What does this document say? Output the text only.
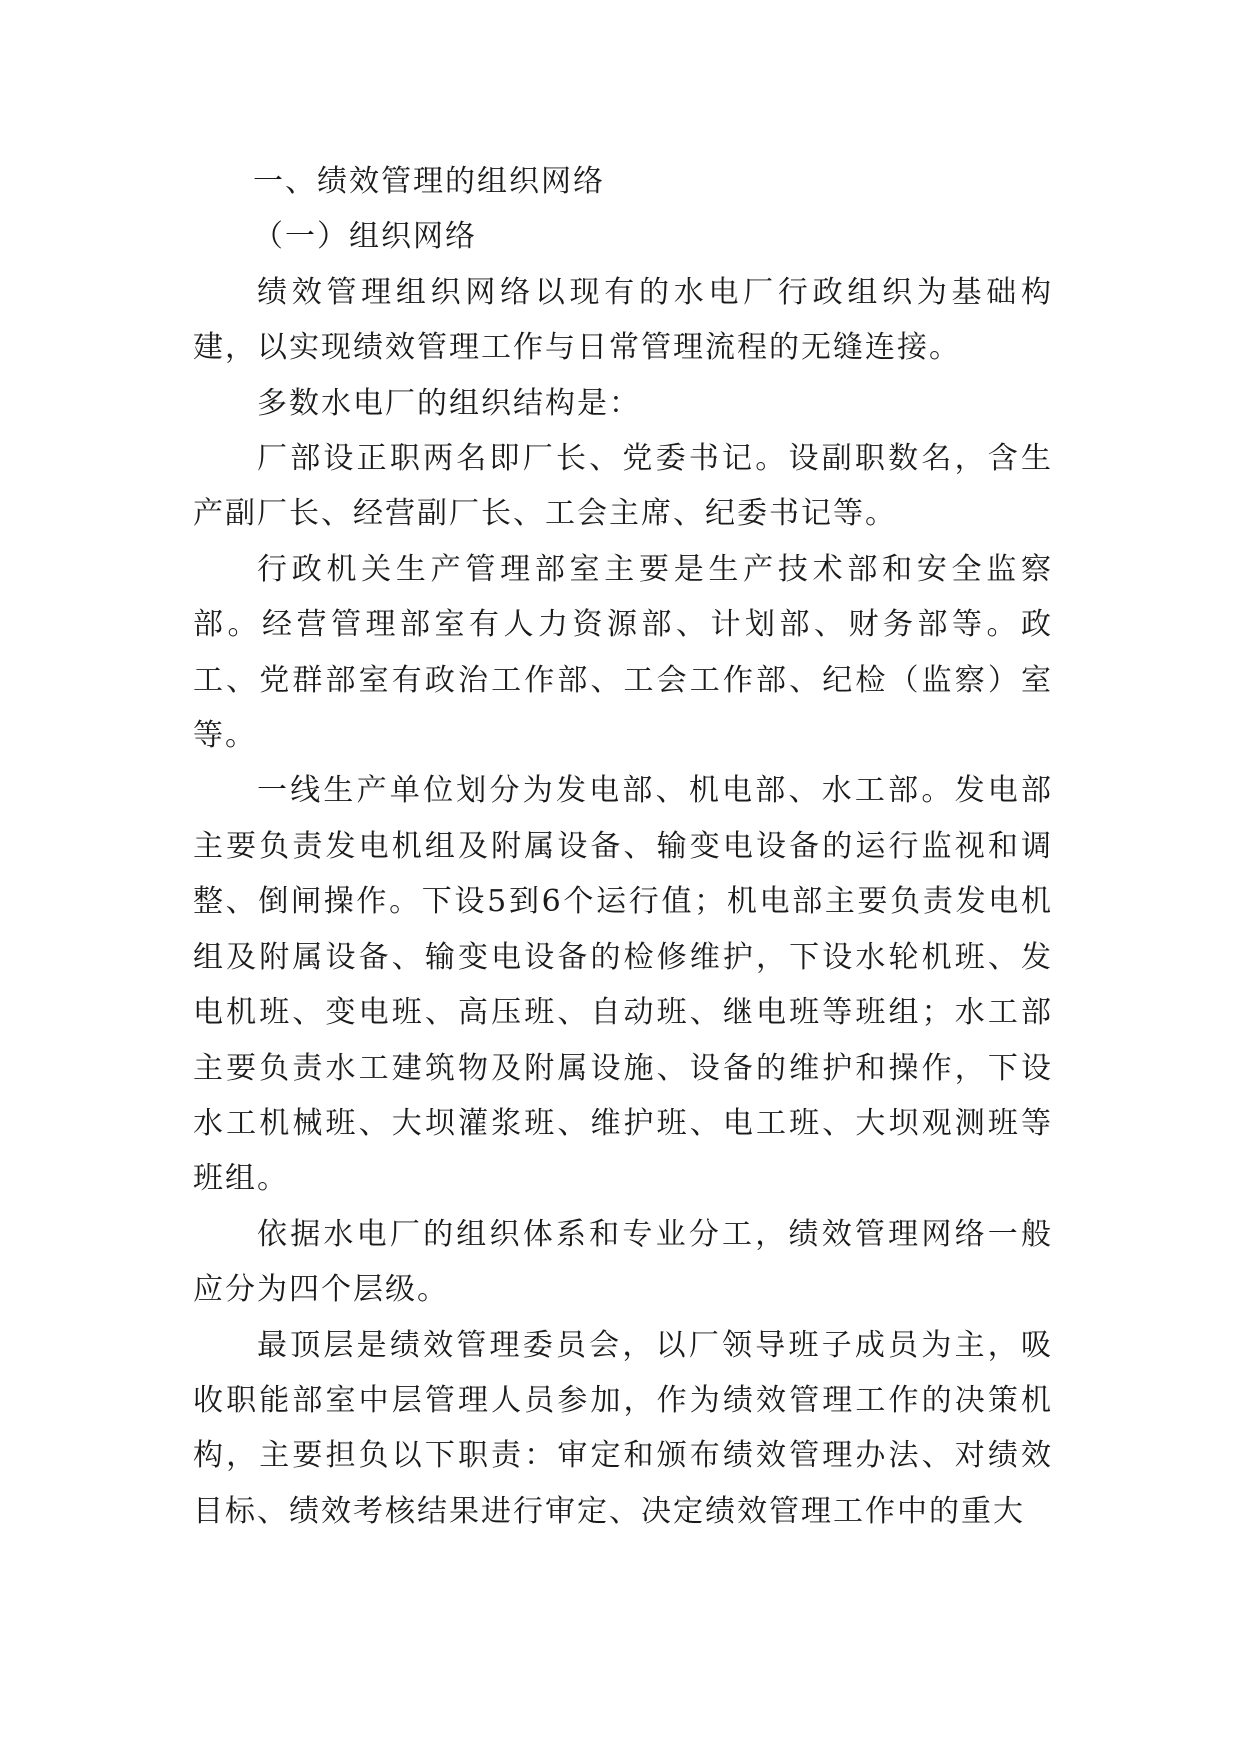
一、绩效管理的组织网络

（一）组织网络

绩效管理组织网络以现有的水电厂行政组织为基础构建，以实现绩效管理工作与日常管理流程的无缝连接。

多数水电厂的组织结构是：

厂部设正职两名即厂长、党委书记。设副职数名，含生产副厂长、经营副厂长、工会主席、纪委书记等。

行政机关生产管理部室主要是生产技术部和安全监察部。经营管理部室有人力资源部、计划部、财务部等。政工、党群部室有政治工作部、工会工作部、纪检（监察）室等。

一线生产单位划分为发电部、机电部、水工部。发电部主要负责发电机组及附属设备、输变电设备的运行监视和调整、倒闸操作。下设5到6个运行值；机电部主要负责发电机组及附属设备、输变电设备的检修维护，下设水轮机班、发电机班、变电班、高压班、自动班、继电班等班组；水工部主要负责水工建筑物及附属设施、设备的维护和操作，下设水工机械班、大坝灌浆班、维护班、电工班、大坝观测班等班组。

依据水电厂的组织体系和专业分工，绩效管理网络一般应分为四个层级。

最顶层是绩效管理委员会，以厂领导班子成员为主，吸收职能部室中层管理人员参加，作为绩效管理工作的决策机构，主要担负以下职责：审定和颁布绩效管理办法、对绩效目标、绩效考核结果进行审定、决定绩效管理工作中的重大
